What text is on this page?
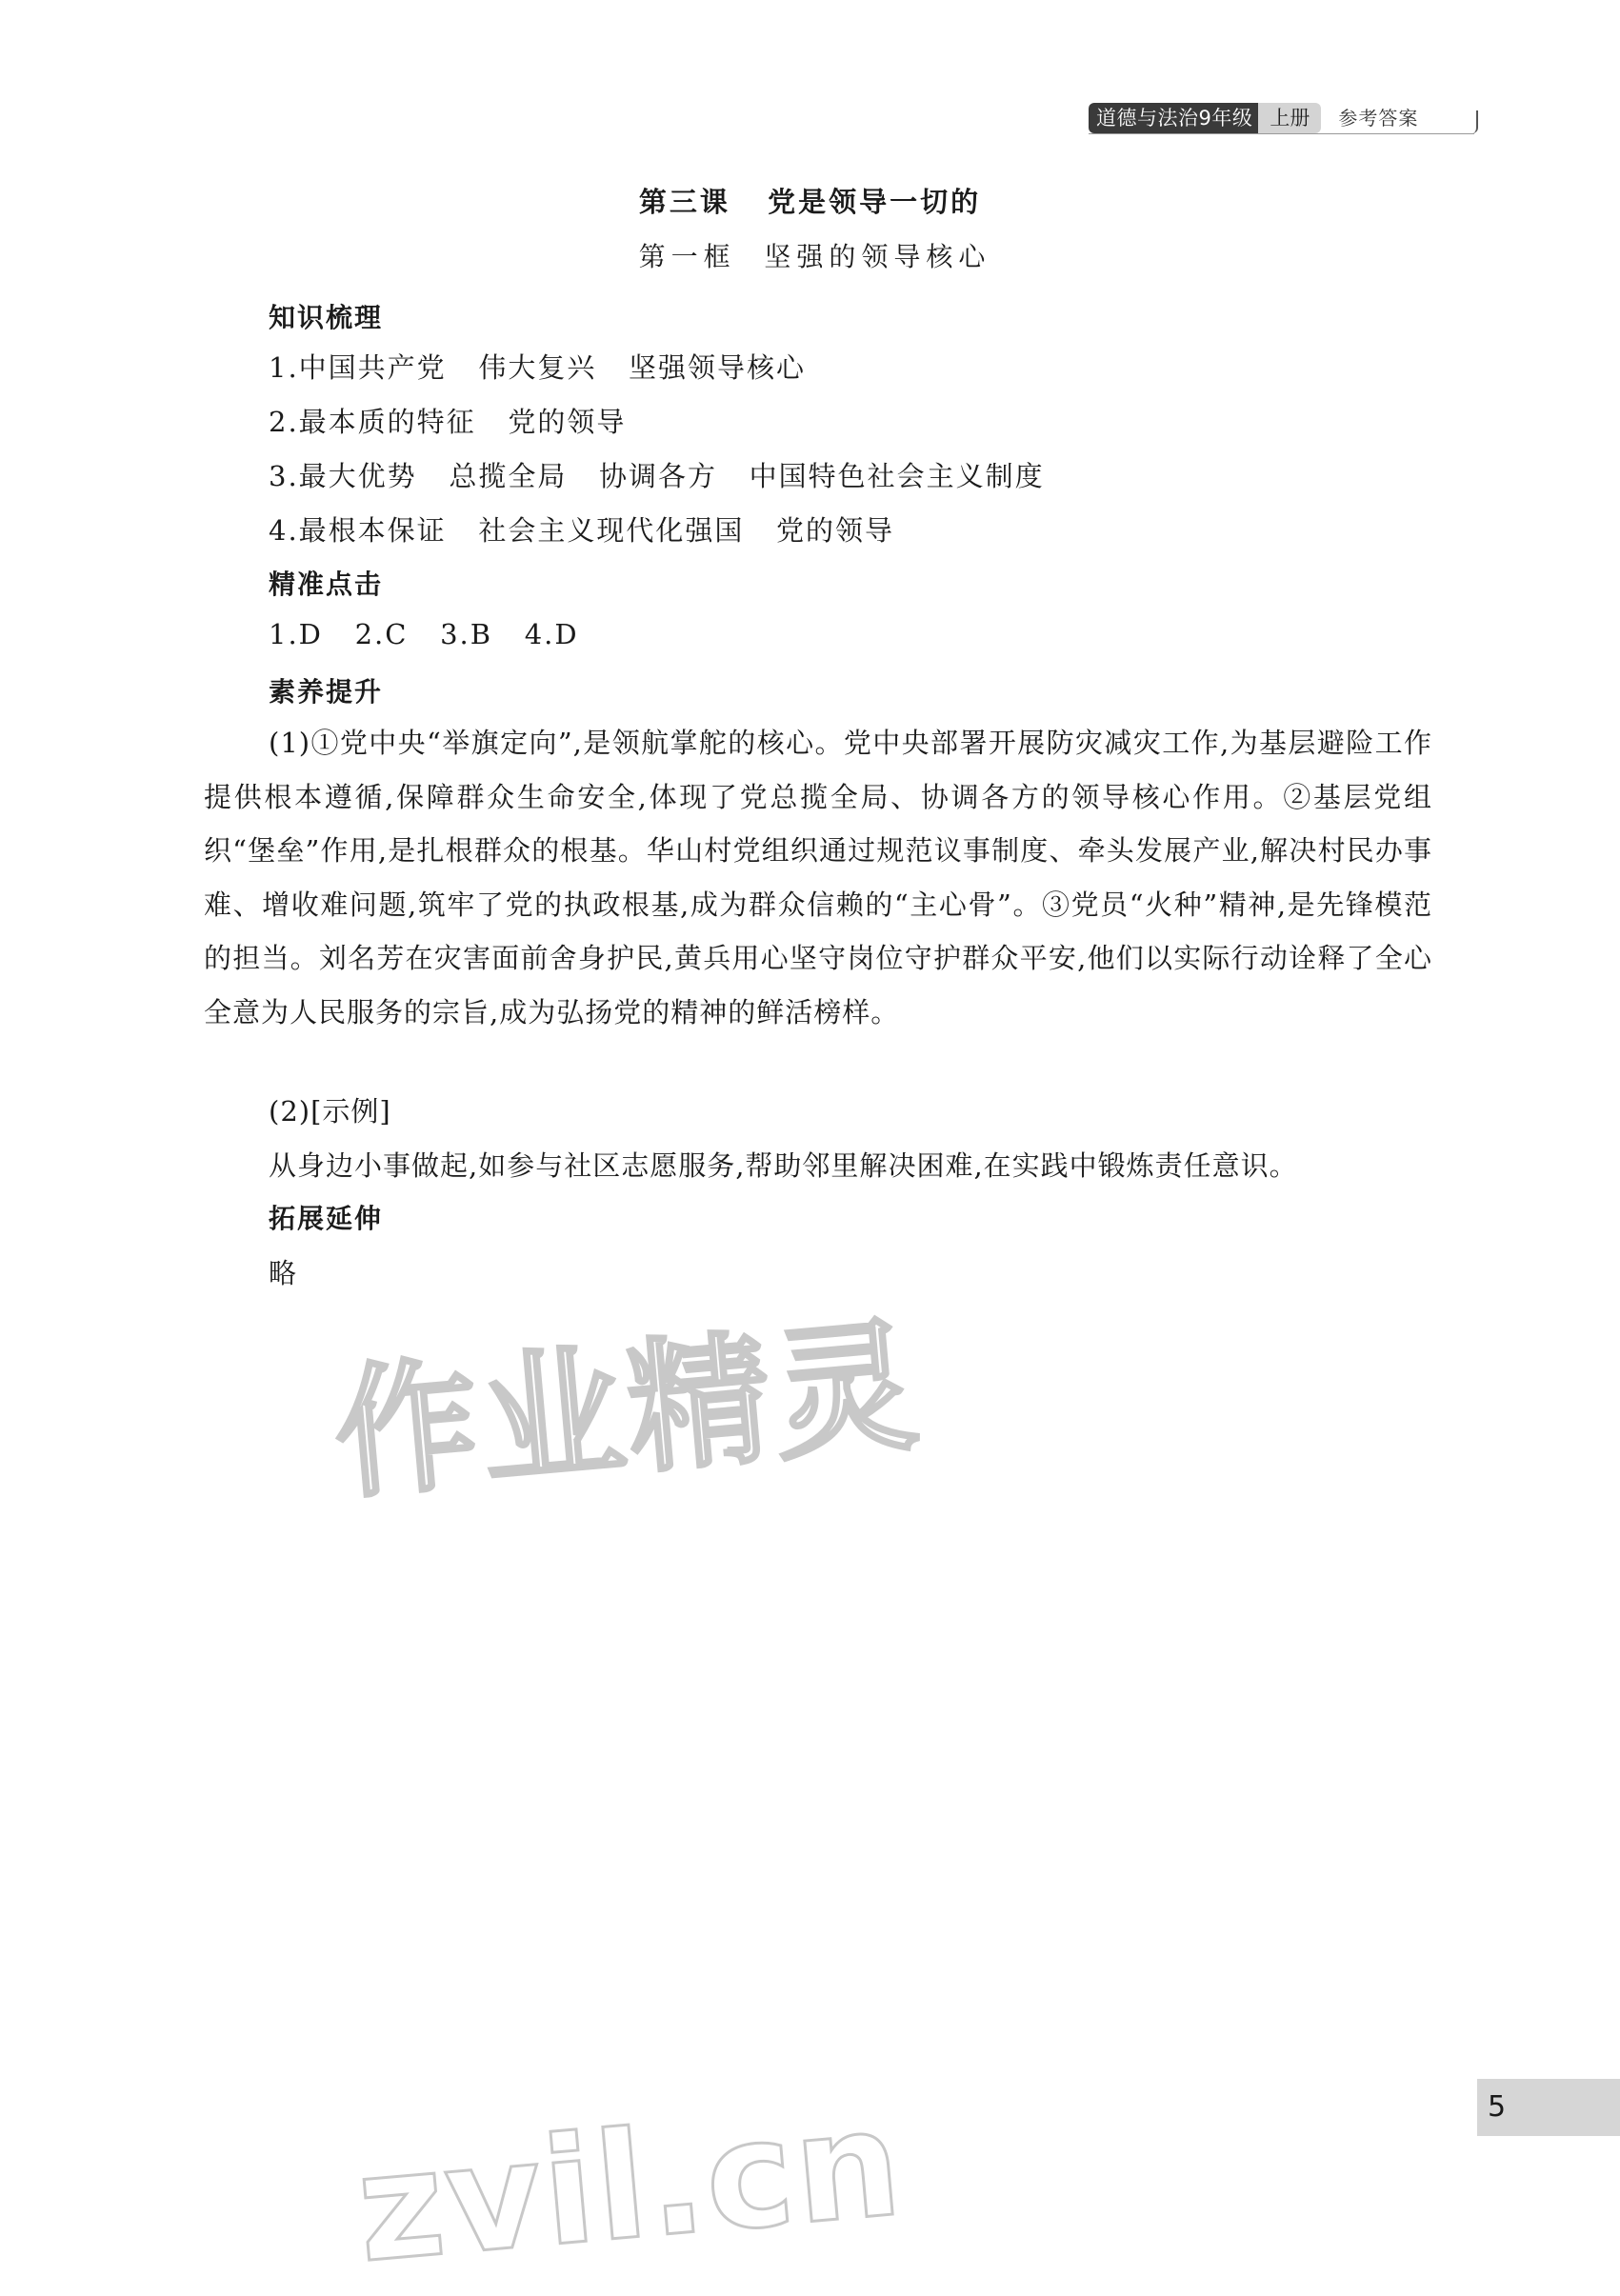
道德与法治9年级 上册	参考答案
第三课   党是领导一切的
第一框  坚强的领导核心
知识梳理
1.中国共产党   伟大复兴   坚强领导核心
2.最本质的特征   党的领导
3.最大优势   总揽全局   协调各方   中国特色社会主义制度
4.最根本保证   社会主义现代化强国   党的领导
精准点击
1.D   2.C   3.B   4.D
素养提升
(1)①党中央“举旗定向”,是领航掌舵的核心。党中央部署开展防灾减灾工作,为基层避险工作提供根本遵循,保障群众生命安全,体现了党总揽全局、协调各方的领导核心作用。②基层党组织“堡垒”作用,是扎根群众的根基。华山村党组织通过规范议事制度、牵头发展产业,解决村民办事难、增收难问题,筑牢了党的执政根基,成为群众信赖的“主心骨”。③党员“火种”精神,是先锋模范的担当。刘名芳在灾害面前舍身护民,黄兵用心坚守岗位守护群众平安,他们以实际行动诠释了全心全意为人民服务的宗旨,成为弘扬党的精神的鲜活榜样。
(2)[示例]
从身边小事做起,如参与社区志愿服务,帮助邻里解决困难,在实践中锻炼责任意识。
拓展延伸
略
作业精灵
zvil.cn	5
